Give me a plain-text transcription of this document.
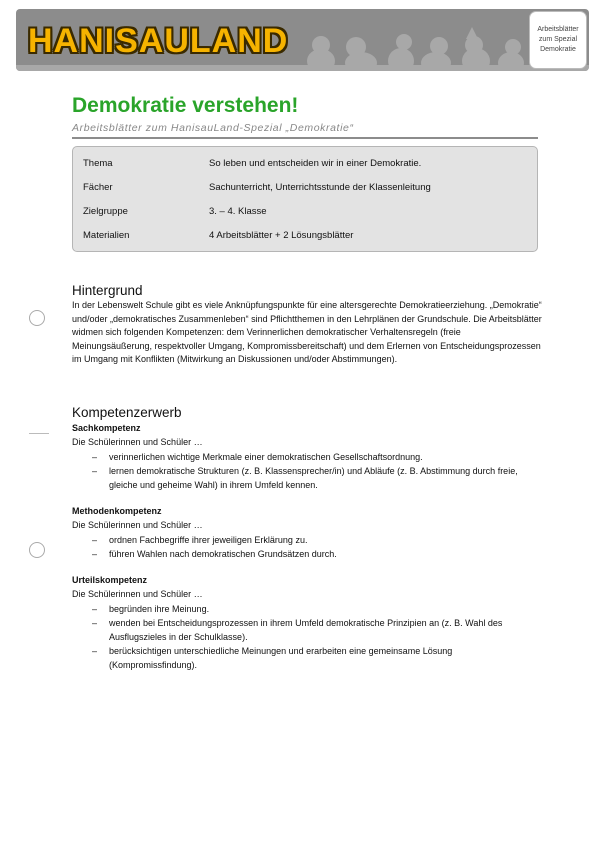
HANISAULAND	Arbeitsblätter
zum Spezial
Demokratie
Demokratie verstehen!
Arbeitsblätter zum HanisauLand-Spezial „Demokratie“
Thema	So leben und entscheiden wir in einer Demokratie.
Fächer	Sachunterricht, Unterrichtsstunde der Klassenleitung
Zielgruppe	3. – 4. Klasse
Materialien	4 Arbeitsblätter + 2 Lösungsblätter
Hintergrund
In der Lebenswelt Schule gibt es viele Anknüpfungspunkte für eine altersgerechte Demokratieerziehung. „Demokratie“ und/oder „demokratisches Zusammenleben“ sind Pflichtthemen in den Lehrplänen der Grundschule. Die Arbeitsblätter widmen sich folgenden Kompetenzen: dem Verinnerlichen demokratischer Verhaltensregeln (freie Meinungsäußerung, respektvoller Umgang, Kompromissbereitschaft) und dem Erlernen von Entscheidungsprozessen im Umgang mit Konflikten (Mitwirkung an Diskussionen und/oder Abstimmungen).
Kompetenzerwerb
Sachkompetenz
Die Schülerinnen und Schüler …
– verinnerlichen wichtige Merkmale einer demokratischen Gesellschaftsordnung.
– lernen demokratische Strukturen (z. B. Klassensprecher/in) und Abläufe (z. B. Abstimmung durch freie, gleiche und geheime Wahl) in ihrem Umfeld kennen.
Methodenkompetenz
Die Schülerinnen und Schüler …
– ordnen Fachbegriffe ihrer jeweiligen Erklärung zu.
– führen Wahlen nach demokratischen Grundsätzen durch.
Urteilskompetenz
Die Schülerinnen und Schüler …
– begründen ihre Meinung.
– wenden bei Entscheidungsprozessen in ihrem Umfeld demokratische Prinzipien an (z. B. Wahl des Ausflugszieles in der Schulklasse).
– berücksichtigen unterschiedliche Meinungen und erarbeiten eine gemeinsame Lösung (Kompromissfindung).
